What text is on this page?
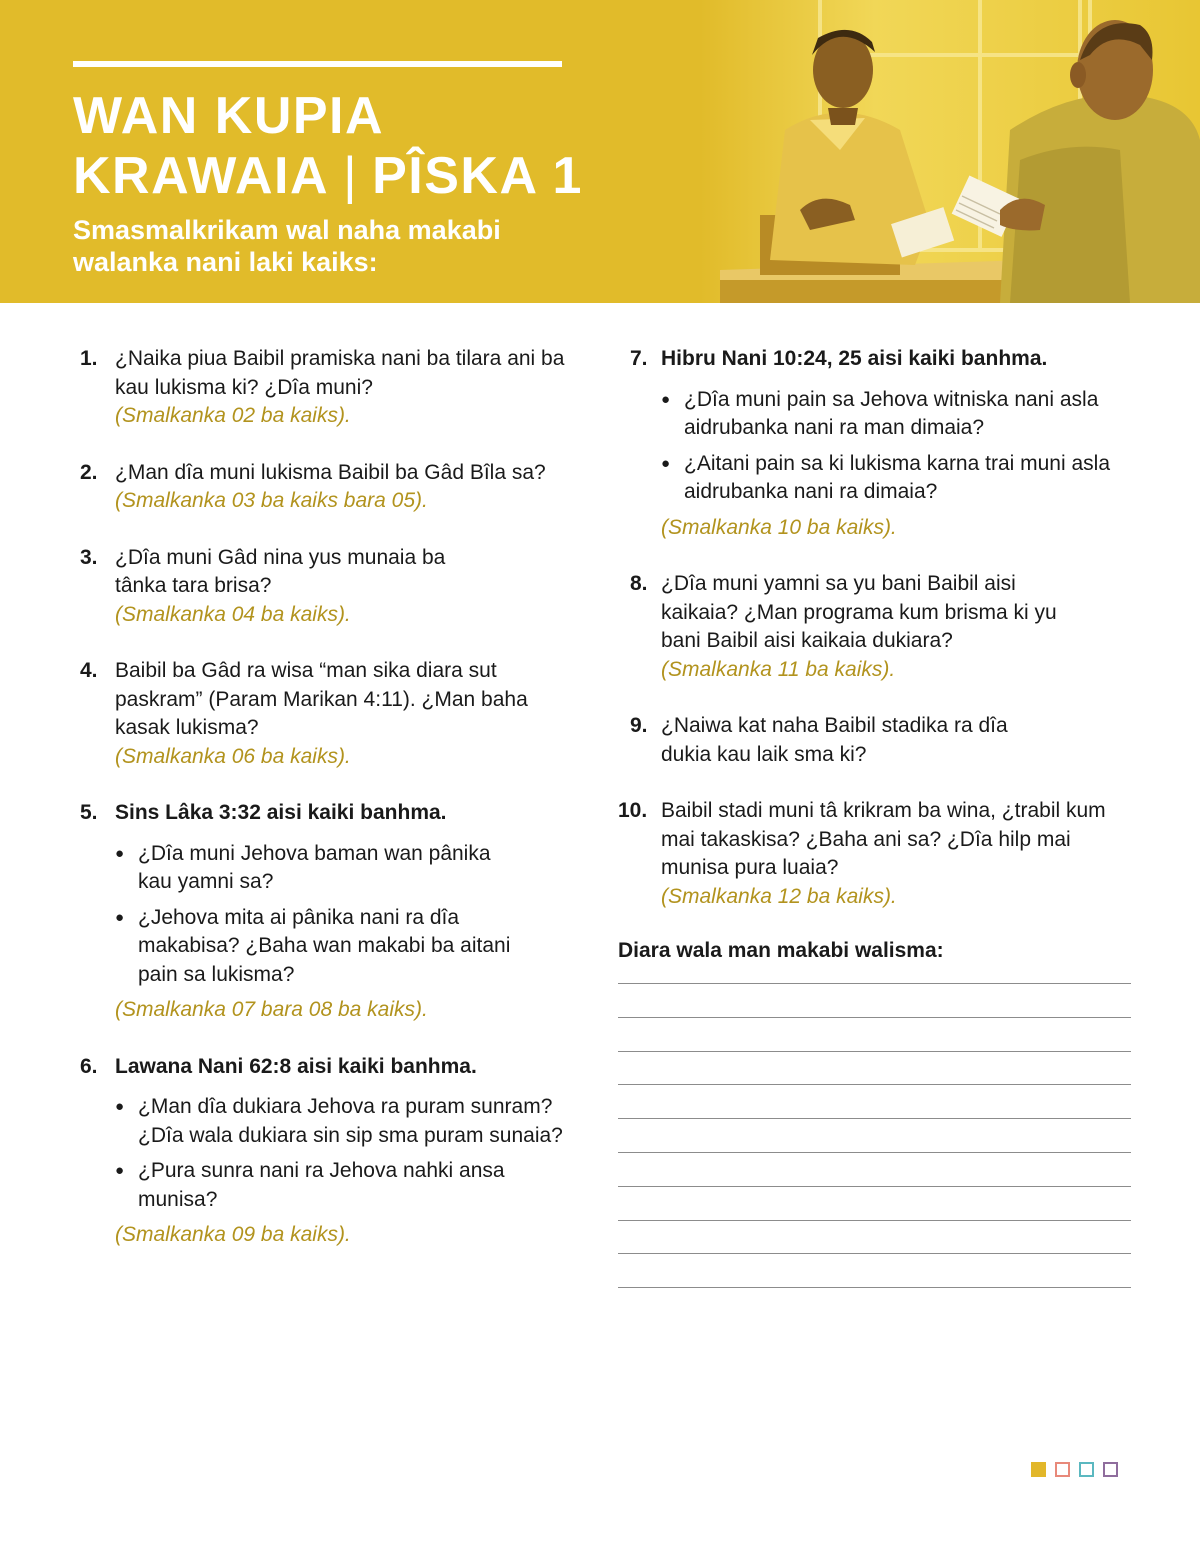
WAN KUPIA
KRAWAIA | PÎSKA 1

Smasmalkrikam wal naha makabi walanka nani laki kaiks:

1. ¿Naika piua Baibil pramiska nani ba tilara ani ba kau lukisma ki? ¿Dîa muni?
(Smalkanka 02 ba kaiks).
2. ¿Man dîa muni lukisma Baibil ba Gâd Bîla sa?
(Smalkanka 03 ba kaiks bara 05).
3. ¿Dîa muni Gâd nina yus munaia ba tânka tara brisa?
(Smalkanka 04 ba kaiks).
4. Baibil ba Gâd ra wisa “man sika diara sut paskram” (Param Marikan 4:11). ¿Man baha kasak lukisma?
(Smalkanka 06 ba kaiks).
5. Sins Lâka 3:32 aisi kaiki banhma.
● ¿Dîa muni Jehova baman wan pânika kau yamni sa?
● ¿Jehova mita ai pânika nani ra dîa makabisa? ¿Baha wan makabi ba aitani pain sa lukisma?
(Smalkanka 07 bara 08 ba kaiks).
6. Lawana Nani 62:8 aisi kaiki banhma.
● ¿Man dîa dukiara Jehova ra puram sunram? ¿Dîa wala dukiara sin sip sma puram sunaia?
● ¿Pura sunra nani ra Jehova nahki ansa munisa?
(Smalkanka 09 ba kaiks).
7. Hibru Nani 10:24, 25 aisi kaiki banhma.
● ¿Dîa muni pain sa Jehova witniska nani asla aidrubanka nani ra man dimaia?
● ¿Aitani pain sa ki lukisma karna trai muni asla aidrubanka nani ra dimaia?
(Smalkanka 10 ba kaiks).
8. ¿Dîa muni yamni sa yu bani Baibil aisi kaikaia? ¿Man programa kum brisma ki yu bani Baibil aisi kaikaia dukiara?
(Smalkanka 11 ba kaiks).
9. ¿Naiwa kat naha Baibil stadika ra dîa dukia kau laik sma ki?
10. Baibil stadi muni tâ krikram ba wina, ¿trabil kum mai takaskisa? ¿Baha ani sa? ¿Dîa hilp mai munisa pura luaia?
(Smalkanka 12 ba kaiks).

Diara wala man makabi walisma:
